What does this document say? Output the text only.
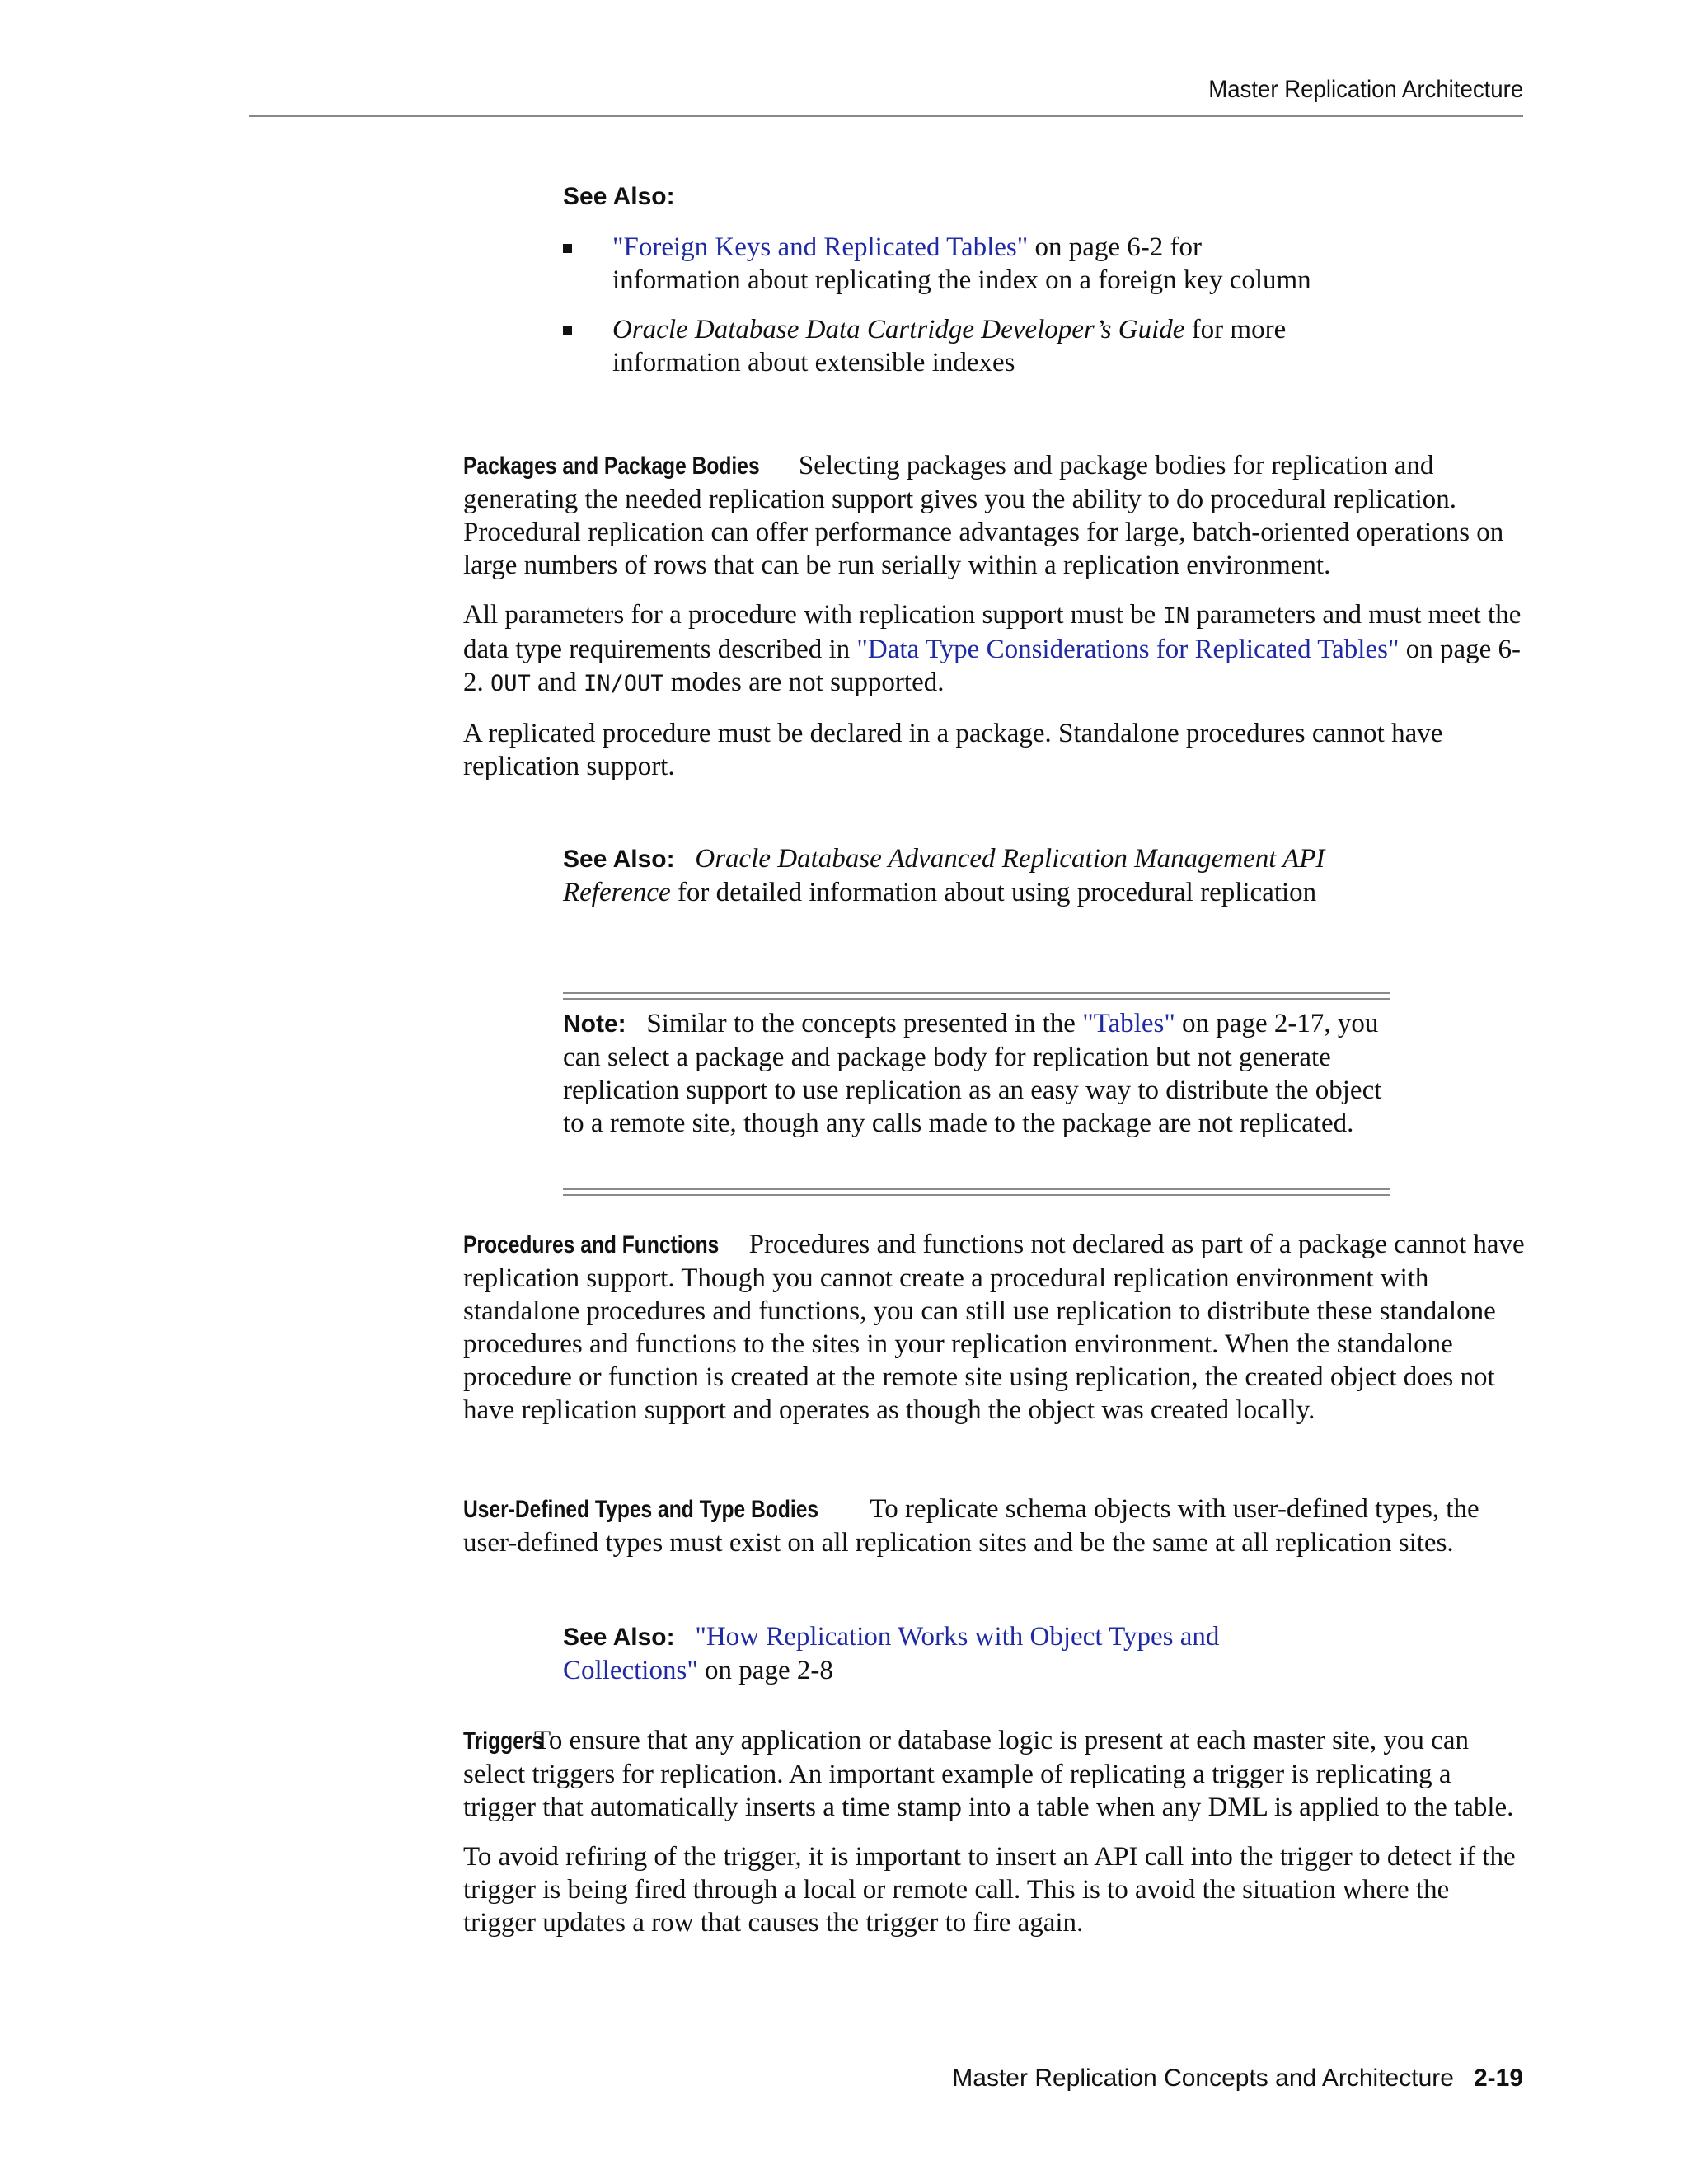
Master Replication Architecture
See Also:
"Foreign Keys and Replicated Tables" on page 6-2 for
information about replicating the index on a foreign key column
Oracle Database Data Cartridge Developer’s Guide for more information about extensible indexes

Packages and Package Bodies Selecting packages and package bodies for replication and generating the needed replication support gives you the ability to do procedural replication. Procedural replication can offer performance advantages for large, batch-oriented operations on large numbers of rows that can be run serially within a replication environment.

All parameters for a procedure with replication support must be IN parameters and must meet the data type requirements described in "Data Type Considerations for Replicated Tables" on page 6-2. OUT and IN/OUT modes are not supported.

A replicated procedure must be declared in a package. Standalone procedures cannot have replication support.

See Also: Oracle Database Advanced Replication Management API Reference for detailed information about using procedural replication
Note: Similar to the concepts presented in the "Tables" on page 2-17, you can select a package and package body for replication but not generate replication support to use replication as an easy way to distribute the object to a remote site, though any calls made to the package are not replicated.

Procedures and Functions Procedures and functions not declared as part of a package cannot have replication support. Though you cannot create a procedural replication environment with standalone procedures and functions, you can still use replication to distribute these standalone procedures and functions to the sites in your replication environment. When the standalone procedure or function is created at the remote site using replication, the created object does not have replication support and operates as though the object was created locally.

User-Defined Types and Type Bodies To replicate schema objects with user-defined types, the user-defined types must exist on all replication sites and be the same at all replication sites.

See Also: "How Replication Works with Object Types and Collections" on page 2-8

Triggers To ensure that any application or database logic is present at each master site, you can select triggers for replication. An important example of replicating a trigger is replicating a trigger that automatically inserts a time stamp into a table when any DML is applied to the table.

To avoid refiring of the trigger, it is important to insert an API call into the trigger to detect if the trigger is being fired through a local or remote call. This is to avoid the situation where the trigger updates a row that causes the trigger to fire again.

Master Replication Concepts and Architecture 2-19
